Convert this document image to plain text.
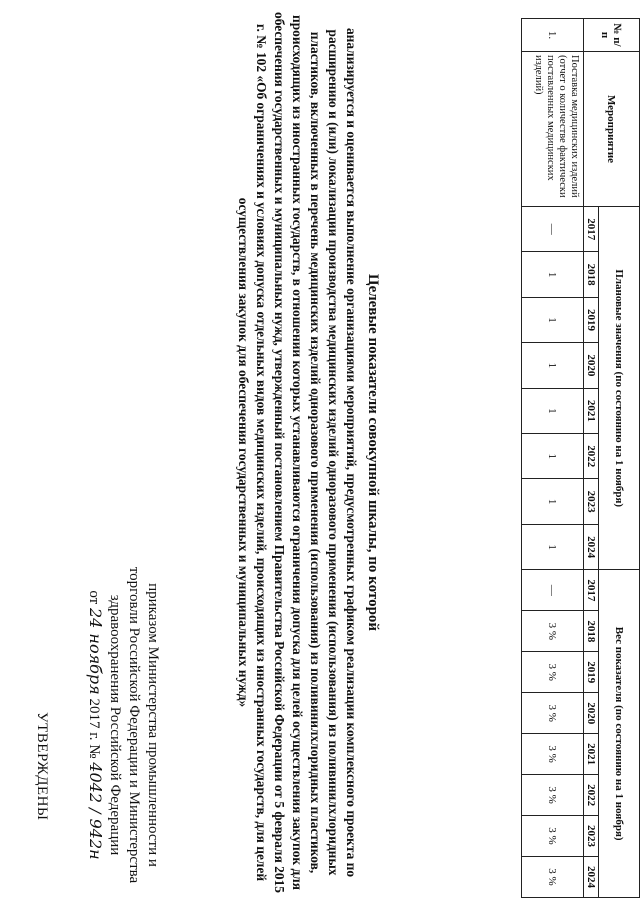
УТВЕРЖДЕНЫ	приказом Министерства промышленности и
торговли Российской Федерации и Министерства
здравоохранения Российской Федерации
от 24 ноября 2017 г. № 4042 / 942н
Целевые показатели совокупной шкалы, по которой
анализируется и оценивается выполнение организациями мероприятий, предусмотренных графиком реализации комплексного проекта по расширению и (или) локализации производства медицинских изделий одноразового применения (использования) из поливинилхлоридных пластиков, включенных в перечень медицинских изделий одноразового применения (использования) из поливинилхлоридных пластиков, происходящих из иностранных государств, в отношении которых устанавливаются ограничения допуска для целей осуществления закупок для обеспечения государственных и муниципальных нужд, утвержденный постановлением Правительства Российской Федерации от 5 февраля 2015 г. № 102 «Об ограничениях и условиях допуска отдельных видов медицинских изделий, происходящих из иностранных государств, для целей осуществления закупок для обеспечения государственных и муниципальных нужд»
№ п/п	Мероприятие	Плановые значения (по состоянию на 1 ноября)								Вес показателя (по состоянию на 1 ноября)							
		2017	2018	2019	2020	2021	2022	2023	2024	2017	2018	2019	2020	2021	2022	2023	2024
1.	Поставка медицинских изделий (отчет о количестве фактически поставленных медицинских изделий)	—	1	1	1	1	1	1	1	—	3 %	3 %	3 %	3 %	3 %	3 %	3 %
